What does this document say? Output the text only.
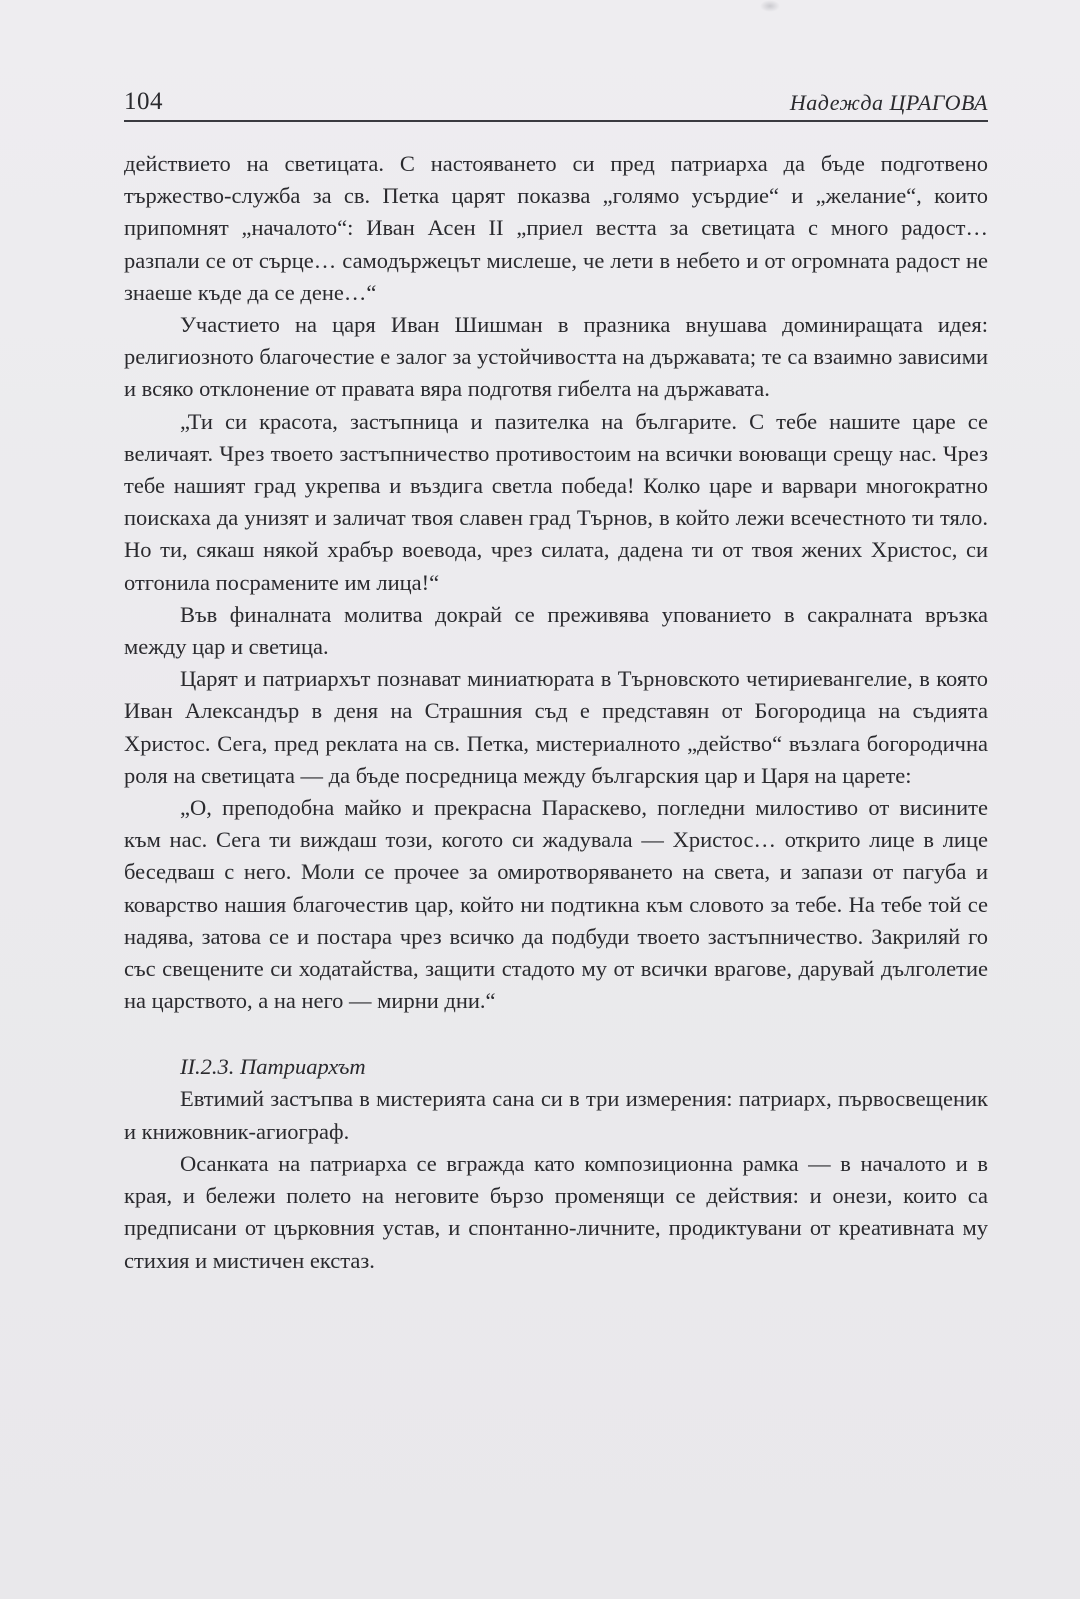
104	Надежда ЦРАГОВА

действието на светицата. С настояването си пред патриарха да бъде подготвено тържество-служба за св. Петка царят показва „голямо усърдие“ и „желание“, които припомнят „началото“: Иван Асен II „приел вестта за светицата с много радост… разпали се от сърце… самодържецът мислеше, че лети в небето и от огромната радост не знаеше къде да се дене…“

Участието на царя Иван Шишман в празника внушава доминиращата идея: религиозното благочестие е залог за устойчивостта на държавата; те са взаимно зависими и всяко отклонение от правата вяра подготвя гибелта на държавата.

„Ти си красота, застъпница и пазителка на българите. С тебе нашите царе се величаят. Чрез твоето застъпничество противостоим на всички воюващи срещу нас. Чрез тебе нашият град укрепва и въздига светла победа! Колко царе и варвари многократно поискаха да унизят и заличат твоя славен град Търнов, в който лежи всечестното ти тяло. Но ти, сякаш някой храбър воевода, чрез силата, дадена ти от твоя жених Христос, си отгонила посрамените им лица!“

Във финалната молитва докрай се преживява упованието в сакралната връзка между цар и светица.

Царят и патриархът познават миниатюрата в Търновското четириевангелие, в която Иван Александър в деня на Страшния съд е представян от Богородица на съдията Христос. Сега, пред реклата на св. Петка, мистериалното „действо“ възлага богородична роля на светицата — да бъде посредница между българския цар и Царя на царете:

„О, преподобна майко и прекрасна Параскево, погледни милостиво от висините към нас. Сега ти виждаш този, когото си жадувала — Христос… открито лице в лице беседваш с него. Моли се прочее за омиротворяването на света, и запази от пагуба и коварство нашия благочестив цар, който ни подтикна към словото за тебе. На тебе той се надява, затова се и постара чрез всичко да подбуди твоето застъпничество. Закриляй го със свещените си ходатайства, защити стадото му от всички врагове, дарувай дълголетие на царството, а на него — мирни дни.“

II.2.3. Патриархът

Евтимий застъпва в мистерията сана си в три измерения: патриарх, първосвещеник и книжовник-агиограф.

Осанката на патриарха се вгражда като композиционна рамка — в началото и в края, и бележи полето на неговите бързо променящи се действия: и онези, които са предписани от църковния устав, и спонтанно-личните, продиктувани от креативната му стихия и мистичен екстаз.
